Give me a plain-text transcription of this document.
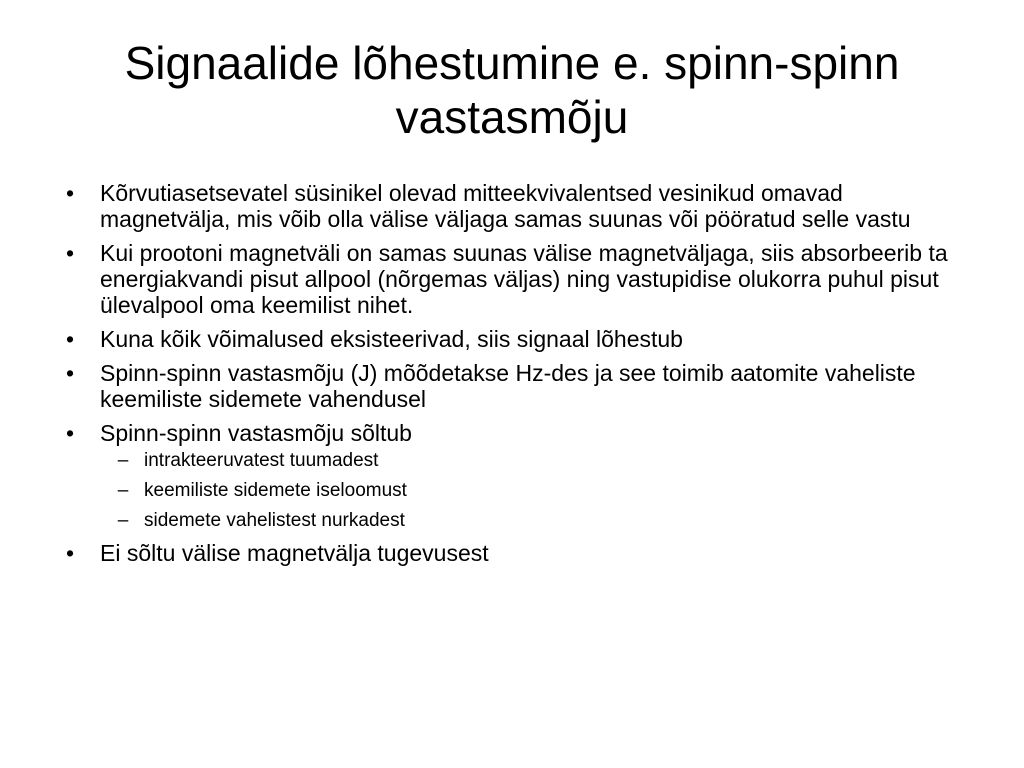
Signaalide lõhestumine e. spinn-spinn vastasmõju
• Kõrvutiasetsevatel süsinikel olevad mitteekvivalentsed vesinikud omavad magnetvälja, mis võib olla välise väljaga samas suunas või pööratud selle vastu
• Kui prootoni magnetväli on samas suunas välise magnetväljaga, siis absorbeerib ta energiakvandi pisut allpool (nõrgemas väljas) ning vastupidise olukorra puhul pisut ülevalpool oma keemilist nihet.
• Kuna kõik võimalused eksisteerivad, siis signaal lõhestub
• Spinn-spinn vastasmõju (J) mõõdetakse Hz-des ja see toimib aatomite vaheliste keemiliste sidemete vahendusel
• Spinn-spinn vastasmõju sõltub
– intrakteeruvatest tuumadest
– keemiliste sidemete iseloomust
– sidemete vahelistest nurkadest
• Ei sõltu välise magnetvälja tugevusest
